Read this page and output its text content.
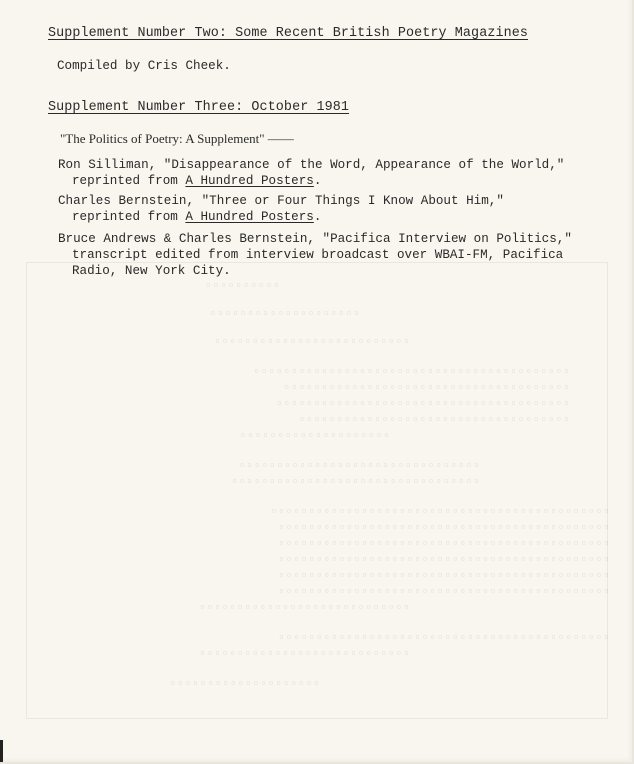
Supplement Number Two: Some Recent British Poetry Magazines
Compiled by Cris Cheek.
Supplement Number Three: October 1981
"The Politics of Poetry: A Supplement" ——
Ron Silliman, "Disappearance of the Word, Appearance of the World,"
reprinted from A Hundred Posters.
Charles Bernstein, "Three or Four Things I Know About Him,"
reprinted from A Hundred Posters.
Bruce Andrews & Charles Bernstein, "Pacifica Interview on Politics,"
transcript edited from interview broadcast over WBAI-FM, Pacifica
Radio, New York City.
▫▫▫▫▫▫▫▫▫▫
▫▫▫▫▫▫▫▫▫▫▫▫▫▫▫▫▫▫▫▫
▫▫▫▫▫▫▫▫▫▫▫▫▫▫▫▫▫▫▫▫▫▫▫▫▫▫
▫▫▫▫▫▫▫▫▫▫▫▫▫▫▫▫▫▫▫▫▫▫▫▫▫▫▫▫▫▫▫▫▫▫▫▫▫▫▫▫▫▫
▫▫▫▫▫▫▫▫▫▫▫▫▫▫▫▫▫▫▫▫▫▫▫▫▫▫▫▫▫▫▫▫▫▫▫▫▫▫
▫▫▫▫▫▫▫▫▫▫▫▫▫▫▫▫▫▫▫▫▫▫▫▫▫▫▫▫▫▫▫▫▫▫▫▫▫▫▫
▫▫▫▫▫▫▫▫▫▫▫▫▫▫▫▫▫▫▫▫▫▫▫▫▫▫▫▫▫▫▫▫▫▫▫▫
▫▫▫▫▫▫▫▫▫▫▫▫▫▫▫▫▫▫▫▫
▫▫▫▫▫▫▫▫▫▫▫▫▫▫▫▫▫▫▫▫▫▫▫▫▫▫▫▫▫▫▫▫
▫▫▫▫▫▫▫▫▫▫▫▫▫▫▫▫▫▫▫▫▫▫▫▫▫▫▫▫▫▫▫▫▫
▫▫▫▫▫▫▫▫▫▫▫▫▫▫▫▫▫▫▫▫▫▫▫▫▫▫▫▫▫▫▫▫▫▫▫▫▫▫▫▫▫▫▫▫▫
▫▫▫▫▫▫▫▫▫▫▫▫▫▫▫▫▫▫▫▫▫▫▫▫▫▫▫▫▫▫▫▫▫▫▫▫▫▫▫▫▫▫▫▫
▫▫▫▫▫▫▫▫▫▫▫▫▫▫▫▫▫▫▫▫▫▫▫▫▫▫▫▫▫▫▫▫▫▫▫▫▫▫▫▫▫▫▫▫
▫▫▫▫▫▫▫▫▫▫▫▫▫▫▫▫▫▫▫▫▫▫▫▫▫▫▫▫▫▫▫▫▫▫▫▫▫▫▫▫▫▫▫▫
▫▫▫▫▫▫▫▫▫▫▫▫▫▫▫▫▫▫▫▫▫▫▫▫▫▫▫▫▫▫▫▫▫▫▫▫▫▫▫▫▫▫▫▫
▫▫▫▫▫▫▫▫▫▫▫▫▫▫▫▫▫▫▫▫▫▫▫▫▫▫▫▫▫▫▫▫▫▫▫▫▫▫▫▫▫▫▫▫
▫▫▫▫▫▫▫▫▫▫▫▫▫▫▫▫▫▫▫▫▫▫▫▫▫▫▫▫
▫▫▫▫▫▫▫▫▫▫▫▫▫▫▫▫▫▫▫▫▫▫▫▫▫▫▫▫▫▫▫▫▫▫▫▫▫▫▫▫▫▫▫▫
▫▫▫▫▫▫▫▫▫▫▫▫▫▫▫▫▫▫▫▫▫▫▫▫▫▫▫▫
▫▫▫▫▫▫▫▫▫▫▫▫▫▫▫▫▫▫▫▫
